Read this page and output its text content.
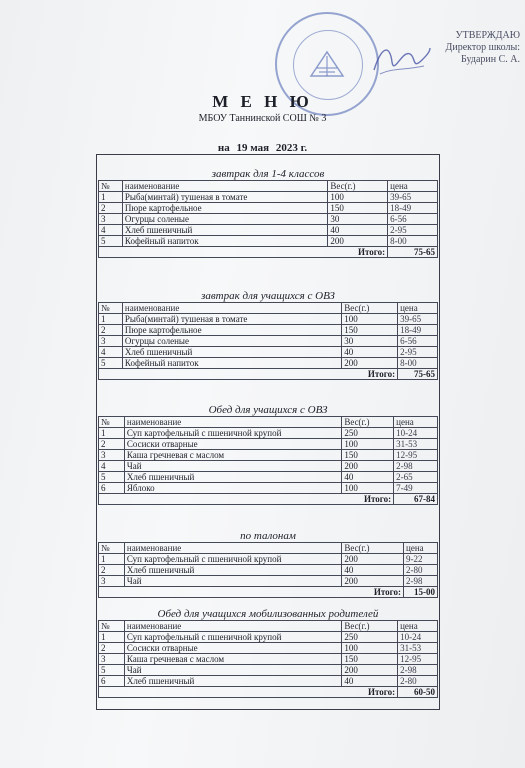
УТВЕРЖДАЮ
Директор школы:
Бударин С. А.
М Е Н Ю
МБОУ Таннинской СОШ № 3
на 19 мая 2023 г.
завтрак для 1-4 классов
№	наименование	Вес(г.)	цена
1	Рыба(минтай) тушеная в томате	100	39-65
2	Пюре картофельное	150	18-49
3	Огурцы соленые	30	6-56
4	Хлеб пшеничный	40	2-95
5	Кофейный напиток	200	8-00
Итого:			75-65
завтрак для учащихся с ОВЗ
№	наименование	Вес(г.)	цена
1	Рыба(минтай) тушеная в томате	100	39-65
2	Пюре картофельное	150	18-49
3	Огурцы соленые	30	6-56
4	Хлеб пшеничный	40	2-95
5	Кофейный напиток	200	8-00
Итого:			75-65
Обед для учащихся с ОВЗ
№	наименование	Вес(г.)	цена
1	Суп картофельный с пшеничной крупой	250	10-24
2	Сосиски отварные	100	31-53
3	Каша гречневая с маслом	150	12-95
4	Чай	200	2-98
5	Хлеб пшеничный	40	2-65
6	Яблоко	100	7-49
Итого:			67-84
по талонам
№	наименование	Вес(г.)	цена
1	Суп картофельный с пшеничной крупой	200	9-22
2	Хлеб пшеничный	40	2-80
3	Чай	200	2-98
Итого:			15-00
Обед для учащихся мобилизованных родителей
№	наименование	Вес(г.)	цена
1	Суп картофельный с пшеничной крупой	250	10-24
2	Сосиски отварные	100	31-53
3	Каша гречневая с маслом	150	12-95
5	Чай	200	2-98
6	Хлеб пшеничный	40	2-80
Итого:			60-50
